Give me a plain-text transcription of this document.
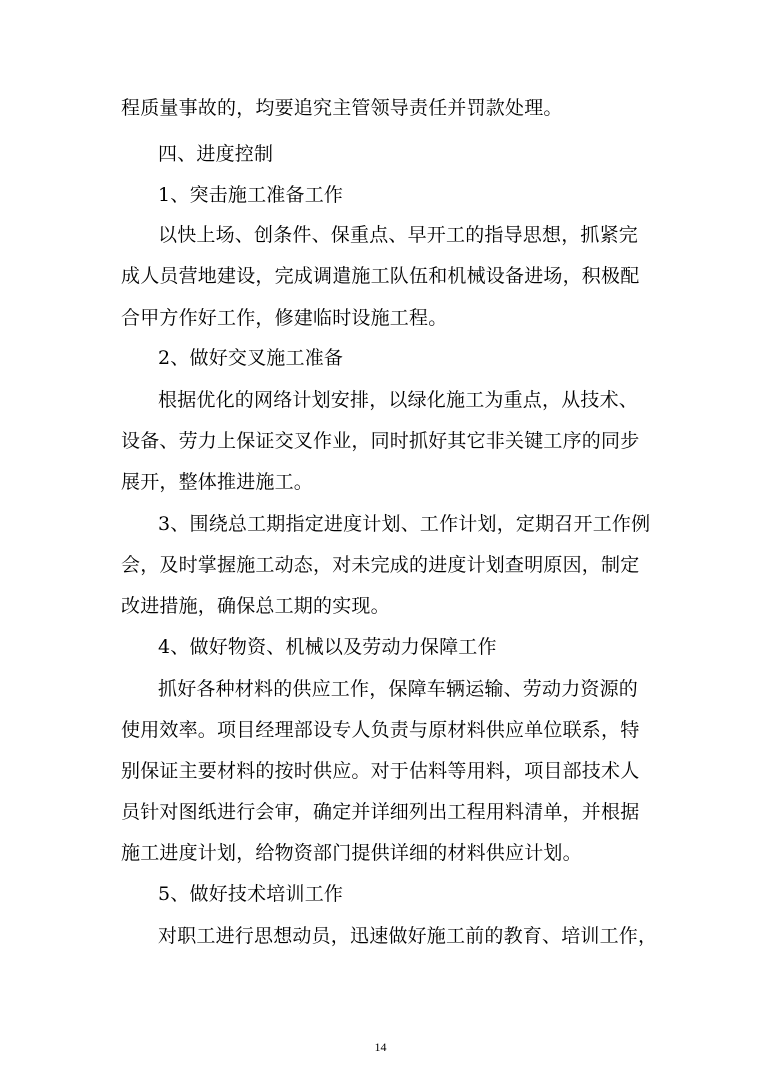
程质量事故的，均要追究主管领导责任并罚款处理。
四、进度控制
1、突击施工准备工作
以快上场、创条件、保重点、早开工的指导思想，抓紧完
成人员营地建设，完成调遣施工队伍和机械设备进场，积极配
合甲方作好工作，修建临时设施工程。
2、做好交叉施工准备
根据优化的网络计划安排，以绿化施工为重点，从技术、
设备、劳力上保证交叉作业，同时抓好其它非关键工序的同步
展开，整体推进施工。
3、围绕总工期指定进度计划、工作计划，定期召开工作例
会，及时掌握施工动态，对未完成的进度计划查明原因，制定
改进措施，确保总工期的实现。
4、做好物资、机械以及劳动力保障工作
抓好各种材料的供应工作，保障车辆运输、劳动力资源的
使用效率。项目经理部设专人负责与原材料供应单位联系，特
别保证主要材料的按时供应。对于估料等用料，项目部技术人
员针对图纸进行会审，确定并详细列出工程用料清单，并根据
施工进度计划，给物资部门提供详细的材料供应计划。
5、做好技术培训工作
对职工进行思想动员，迅速做好施工前的教育、培训工作，
14
